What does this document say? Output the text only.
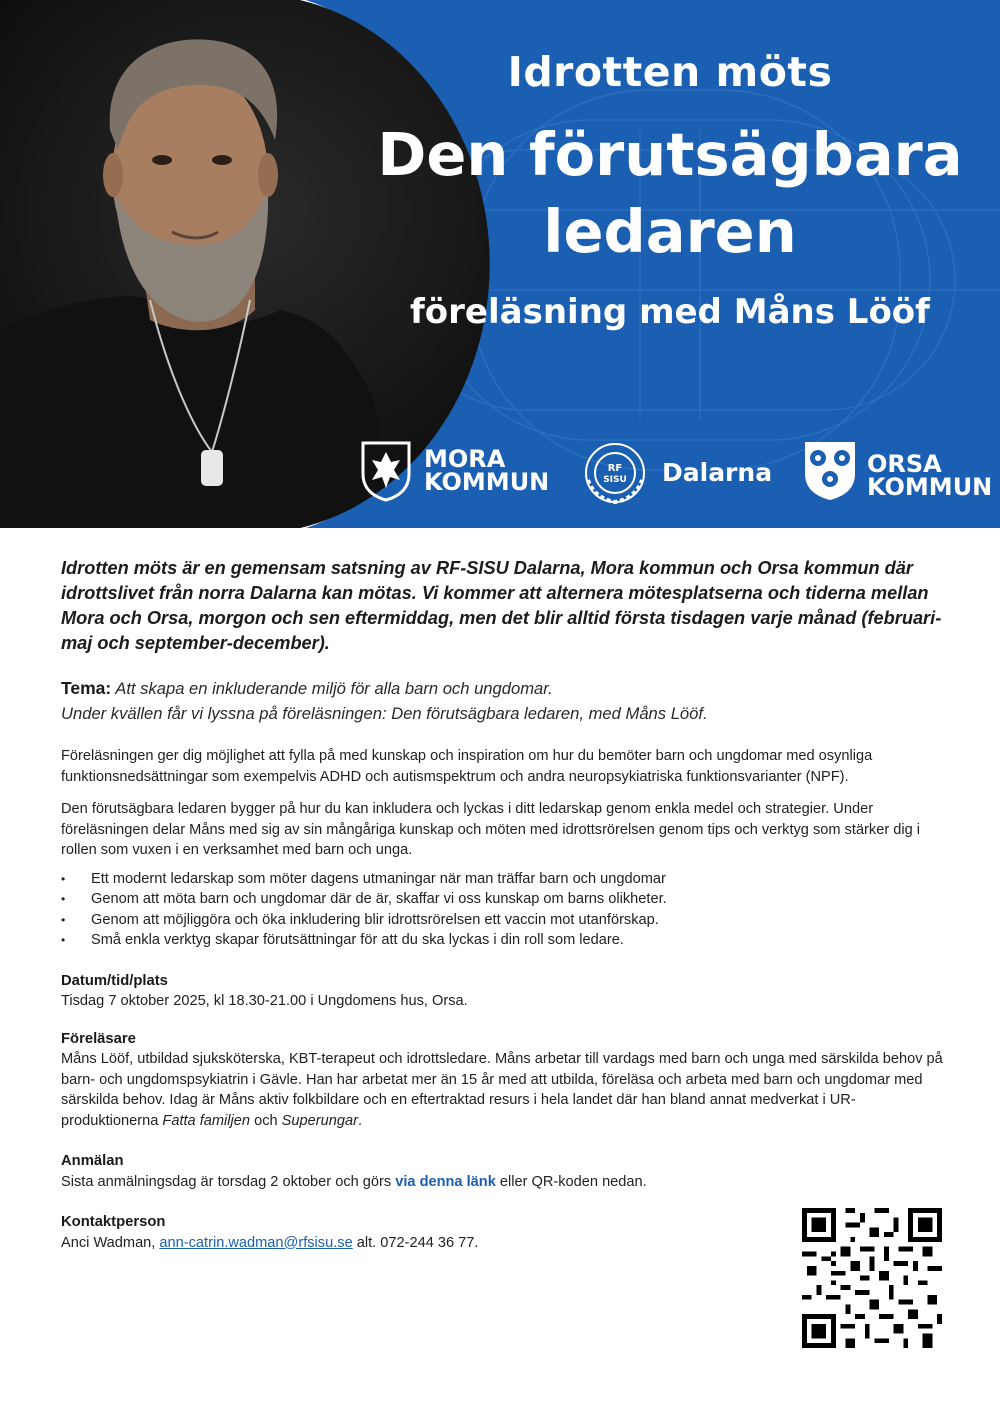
Idrotten möts
Den förutsägbara
ledaren
föreläsning med Måns Lööf
MORA
KOMMUN	RF
SISU Dalarna	ORSA
KOMMUN

Idrotten möts är en gemensam satsning av RF-SISU Dalarna, Mora kommun och Orsa kommun där idrottslivet från norra Dalarna kan mötas. Vi kommer att alternera mötesplatserna och tiderna mellan Mora och Orsa, morgon och sen eftermiddag, men det blir alltid första tisdagen varje månad (februari-maj och september-december).

Tema: Att skapa en inkluderande miljö för alla barn och ungdomar.
Under kvällen får vi lyssna på föreläsningen: Den förutsägbara ledaren, med Måns Lööf.

Föreläsningen ger dig möjlighet att fylla på med kunskap och inspiration om hur du bemöter barn och ungdomar med osynliga funktionsnedsättningar som exempelvis ADHD och autismspektrum och andra neuropsykiatriska funktionsvarianter (NPF).

Den förutsägbara ledaren bygger på hur du kan inkludera och lyckas i ditt ledarskap genom enkla medel och strategier. Under föreläsningen delar Måns med sig av sin mångåriga kunskap och möten med idrottsrörelsen genom tips och verktyg som stärker dig i rollen som vuxen i en verksamhet med barn och unga.

• Ett modernt ledarskap som möter dagens utmaningar när man träffar barn och ungdomar
• Genom att möta barn och ungdomar där de är, skaffar vi oss kunskap om barns olikheter.
• Genom att möjliggöra och öka inkludering blir idrottsrörelsen ett vaccin mot utanförskap.
• Små enkla verktyg skapar förutsättningar för att du ska lyckas i din roll som ledare.
Datum/tid/plats
Tisdag 7 oktober 2025, kl 18.30-21.00 i Ungdomens hus, Orsa.
Föreläsare
Måns Lööf, utbildad sjuksköterska, KBT-terapeut och idrottsledare. Måns arbetar till vardags med barn och unga med särskilda behov på barn- och ungdomspsykiatrin i Gävle. Han har arbetat mer än 15 år med att utbilda, föreläsa och arbeta med barn och ungdomar med särskilda behov. Idag är Måns aktiv folkbildare och en eftertraktad resurs i hela landet där han bland annat medverkat i UR-produktionerna Fatta familjen och Superungar.
Anmälan
Sista anmälningsdag är torsdag 2 oktober och görs via denna länk eller QR-koden nedan.
Kontaktperson
Anci Wadman, ann-catrin.wadman@rfsisu.se alt. 072-244 36 77.
